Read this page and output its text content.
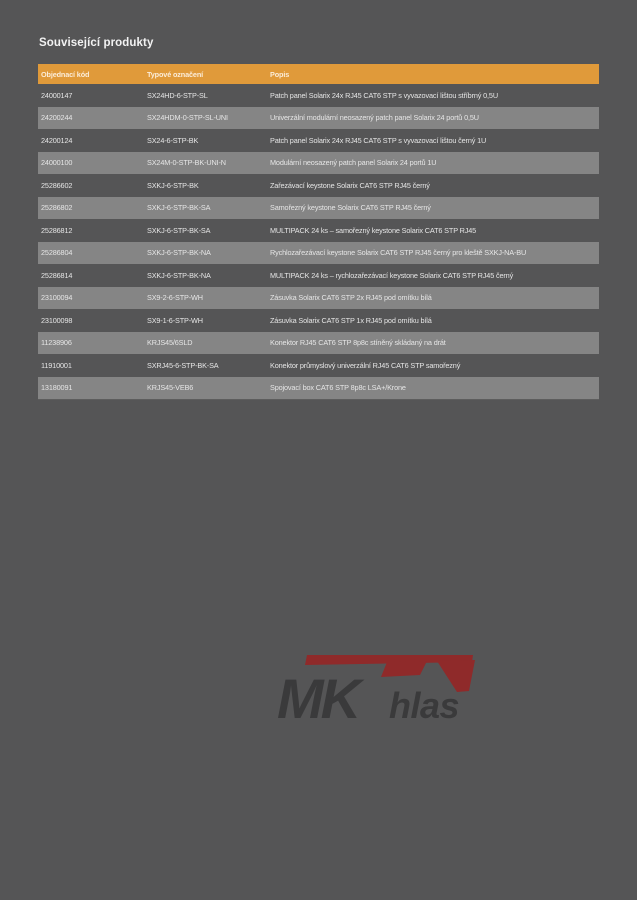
Související produkty
Objednací kód	Typové označení	Popis
24000147	SX24HD-6-STP-SL	Patch panel Solarix 24x RJ45 CAT6 STP s vyvazovací lištou stříbrný 0,5U
24200244	SX24HDM-0-STP-SL-UNI	Univerzální modulární neosazený patch panel Solarix 24 portů 0,5U
24200124	SX24-6-STP-BK	Patch panel Solarix 24x RJ45 CAT6 STP s vyvazovací lištou černý 1U
24000100	SX24M-0-STP-BK-UNI-N	Modulární neosazený patch panel Solarix 24 portů 1U
25286602	SXKJ-6-STP-BK	Zařezávací keystone Solarix CAT6 STP RJ45 černý
25286802	SXKJ-6-STP-BK-SA	Samořezný keystone Solarix CAT6 STP RJ45 černý
25286812	SXKJ-6-STP-BK-SA	MULTIPACK 24 ks – samořezný keystone Solarix CAT6 STP RJ45
25286804	SXKJ-6-STP-BK-NA	Rychlozařezávací keystone Solarix CAT6 STP RJ45 černý pro kleště SXKJ-NA-BU
25286814	SXKJ-6-STP-BK-NA	MULTIPACK 24 ks – rychlozařezávací keystone Solarix CAT6 STP RJ45 černý
23100094	SX9-2-6-STP-WH	Zásuvka Solarix CAT6 STP 2x RJ45 pod omítku bílá
23100098	SX9-1-6-STP-WH	Zásuvka Solarix CAT6 STP 1x RJ45 pod omítku bílá
11238906	KRJS45/6SLD	Konektor RJ45 CAT6 STP 8p8c stíněný skládaný na drát
11910001	SXRJ45-6-STP-BK-SA	Konektor průmyslový univerzální RJ45 CAT6 STP samořezný
13180091	KRJS45-VEB6	Spojovací box CAT6 STP 8p8c LSA+/Krone
MK hlas
